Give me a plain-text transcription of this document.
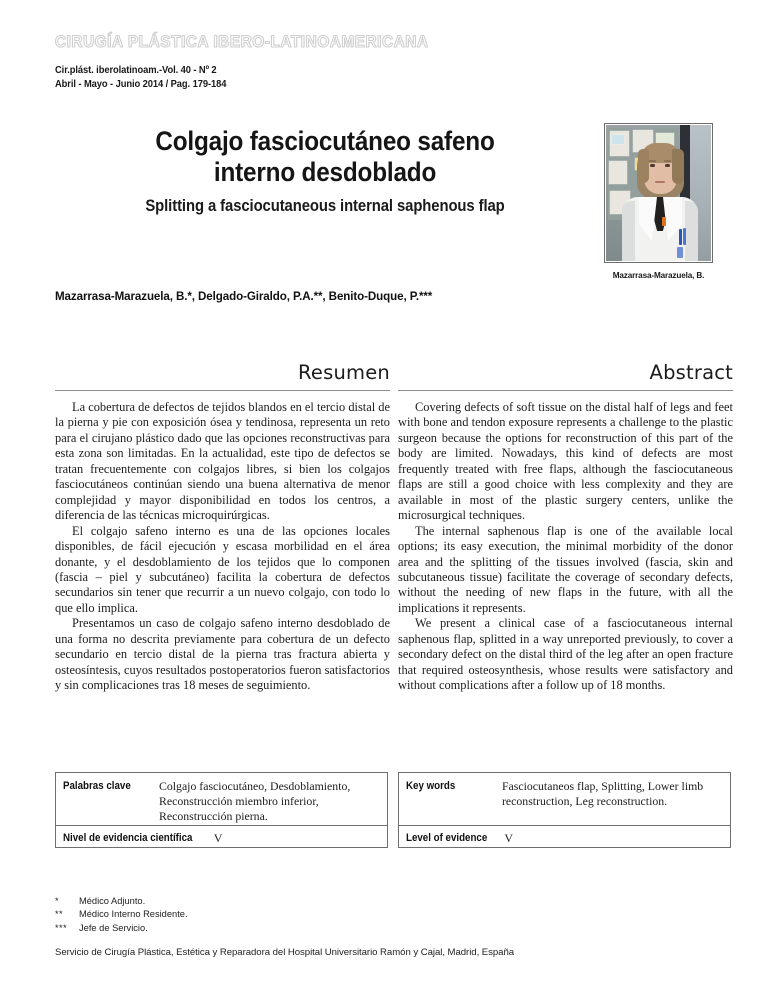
CIRUGÍA PLÁSTICA IBERO-LATINOAMERICANA
Cir.plást. iberolatinoam.-Vol. 40 - Nº 2
Abril - Mayo - Junio 2014 / Pag. 179-184
Colgajo fasciocutáneo safeno
interno desdoblado
Splitting a fasciocutaneous internal saphenous flap
Mazarrasa-Marazuela, B.
Mazarrasa-Marazuela, B.*, Delgado-Giraldo, P.A.**, Benito-Duque, P.***
Resumen

La cobertura de defectos de tejidos blandos en el tercio distal de la pierna y pie con exposición ósea y tendinosa, representa un reto para el cirujano plástico dado que las opciones reconstructivas para esta zona son limitadas. En la actualidad, este tipo de defectos se tratan frecuentemente con colgajos libres, si bien los colgajos fasciocutáneos continúan siendo una buena alternativa de menor complejidad y mayor disponibilidad en todos los centros, a diferencia de las técnicas microquirúrgicas.

El colgajo safeno interno es una de las opciones locales disponibles, de fácil ejecución y escasa morbilidad en el área donante, y el desdoblamiento de los tejidos que lo componen (fascia – piel y subcutáneo) facilita la cobertura de defectos secundarios sin tener que recurrir a un nuevo colgajo, con todo lo que ello implica.

Presentamos un caso de colgajo safeno interno desdoblado de una forma no descrita previamente para cobertura de un defecto secundario en tercio distal de la pierna tras fractura abierta y osteosíntesis, cuyos resultados postoperatorios fueron satisfactorios y sin complicaciones tras 18 meses de seguimiento.

Abstract

Covering defects of soft tissue on the distal half of legs and feet with bone and tendon exposure represents a challenge to the plastic surgeon because the options for reconstruction of this part of the body are limited. Nowadays, this kind of defects are most frequently treated with free flaps, although the fasciocutaneous flaps are still a good choice with less complexity and they are available in most of the plastic surgery centers, unlike the microsurgical techniques.

The internal saphenous flap is one of the available local options; its easy execution, the minimal morbidity of the donor area and the splitting of the tissues involved (fascia, skin and subcutaneous tissue) facilitate the coverage of secondary defects, without the needing of new flaps in the future, with all the implications it represents.

We present a clinical case of a fasciocutaneous internal saphenous flap, splitted in a way unreported previously, to cover a secondary defect on the distal third of the leg after an open fracture that required osteosynthesis, whose results were satisfactory and without complications after a follow up of 18 months.

Palabras clave	Colgajo fasciocutáneo, Desdoblamiento, Reconstrucción miembro inferior, Reconstrucción pierna.
Nivel de evidencia científica	V
Key words	Fasciocutaneos flap, Splitting, Lower limb reconstruction, Leg reconstruction.
Level of evidence	V
*	Médico Adjunto.
**	Médico Interno Residente.
***	Jefe de Servicio.
Servicio de Cirugía Plástica, Estética y Reparadora del Hospital Universitario Ramón y Cajal, Madrid, España
